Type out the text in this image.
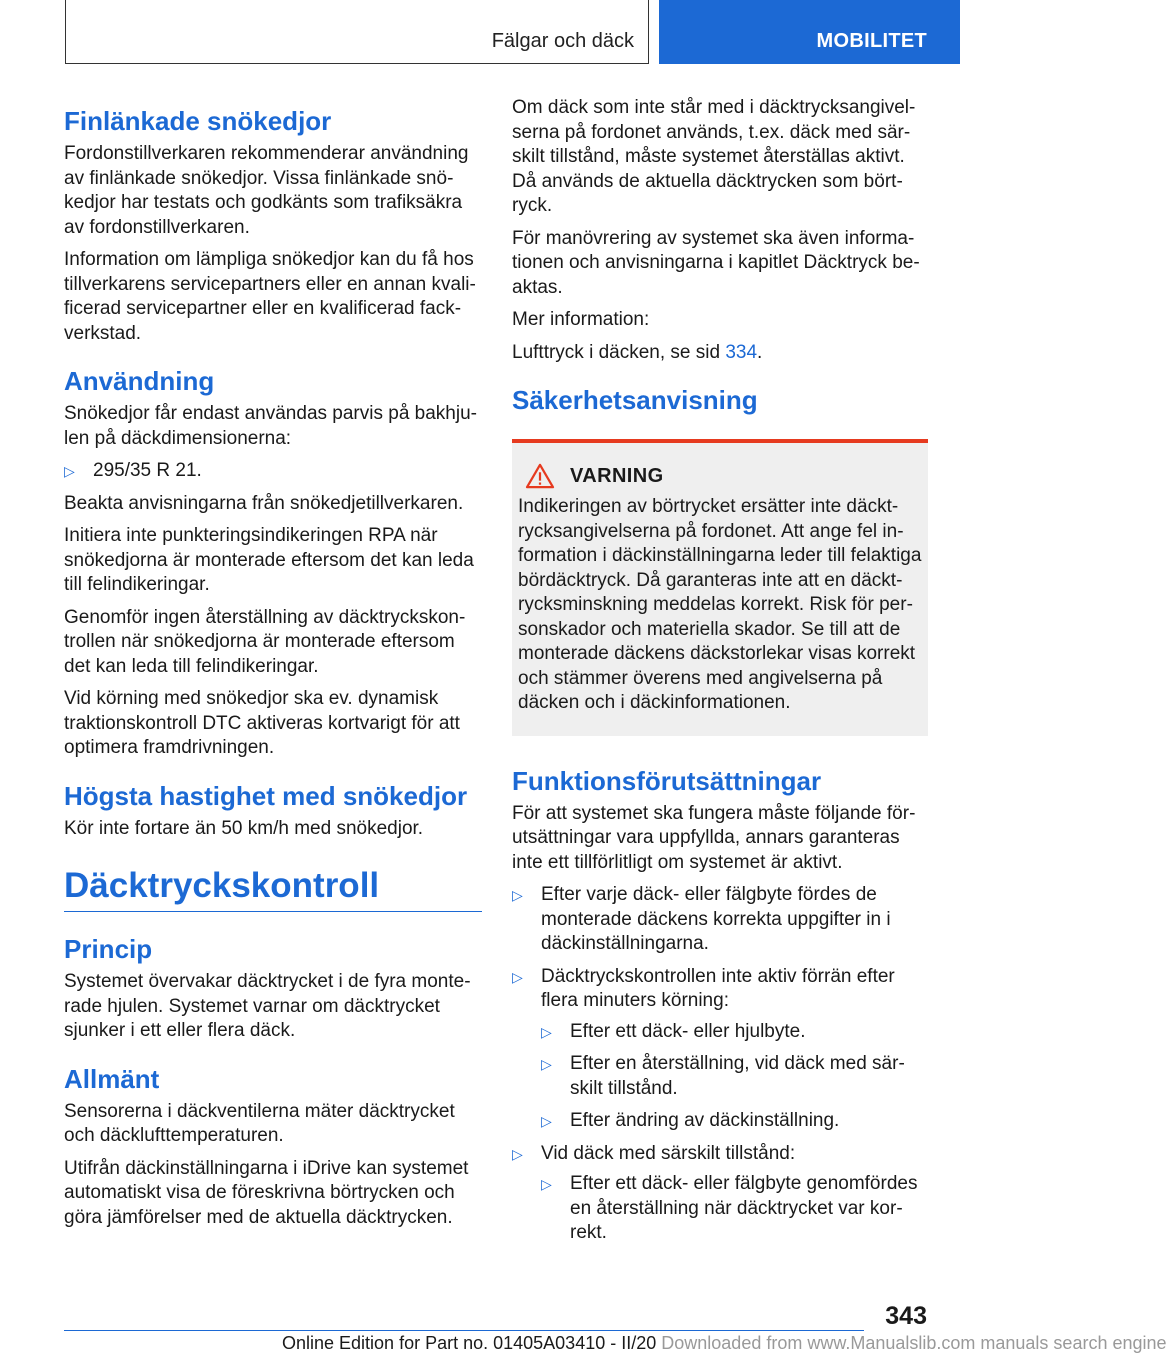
Fälgar och däck	MOBILITET
Finlänkade snökedjor

Fordonstillverkaren rekommenderar användning av finlänkade snökedjor. Vissa finlänkade snökedjor har testats och godkänts som trafiksäkra av fordonstillverkaren.

Information om lämpliga snökedjor kan du få hos tillverkarens servicepartners eller en annan kvalificerad servicepartner eller en kvalificerad fackverkstad.

Användning

Snökedjor får endast användas parvis på bakhjulen på däckdimensionerna:

▷ 295/35 R 21.

Beakta anvisningarna från snökedjetillverkaren.

Initiera inte punkteringsindikeringen RPA när snökedjorna är monterade eftersom det kan leda till felindikeringar.

Genomför ingen återställning av däcktryckskontrollen när snökedjorna är monterade eftersom det kan leda till felindikeringar.

Vid körning med snökedjor ska ev. dynamisk traktionskontroll DTC aktiveras kortvarigt för att optimera framdrivningen.

Högsta hastighet med snökedjor

Kör inte fortare än 50 km/h med snökedjor.

Däcktryckskontroll
Princip

Systemet övervakar däcktrycket i de fyra monterade hjulen. Systemet varnar om däcktrycket sjunker i ett eller flera däck.

Allmänt

Sensorerna i däckventilerna mäter däcktrycket och däcklufttemperaturen.

Utifrån däckinställningarna i iDrive kan systemet automatiskt visa de föreskrivna börtrycken och göra jämförelser med de aktuella däcktrycken.

Om däck som inte står med i däcktrycksangivelserna på fordonet används, t.ex. däck med särskilt tillstånd, måste systemet återställas aktivt. Då används de aktuella däcktrycken som börtryck.

För manövrering av systemet ska även informationen och anvisningarna i kapitlet Däcktryck beaktas.

Mer information:

Lufttryck i däcken, se sid 334.

Säkerhetsanvisning
VARNING

Indikeringen av börtrycket ersätter inte däcktrycksangivelserna på fordonet. Att ange fel information i däckinställningarna leder till felaktiga bördäcktryck. Då garanteras inte att en däcktrycksminskning meddelas korrekt. Risk för personskador och materiella skador. Se till att de monterade däckens däckstorlekar visas korrekt och stämmer överens med angivelserna på däcken och i däckinformationen.

Funktionsförutsättningar

För att systemet ska fungera måste följande förutsättningar vara uppfyllda, annars garanteras inte ett tillförlitligt om systemet är aktivt.

▷ Efter varje däck- eller fälgbyte fördes de monterade däckens korrekta uppgifter in i däckinställningarna.
▷ Däcktryckskontrollen inte aktiv förrän efter flera minuters körning:
▷ Efter ett däck- eller hjulbyte.
▷ Efter en återställning, vid däck med särskilt tillstånd.
▷ Efter ändring av däckinställning.
▷ Vid däck med särskilt tillstånd:
▷ Efter ett däck- eller fälgbyte genomfördes en återställning när däcktrycket var korrekt.
343
Online Edition for Part no. 01405A03410 - II/20 Downloaded from www.Manualslib.com manuals search engine
